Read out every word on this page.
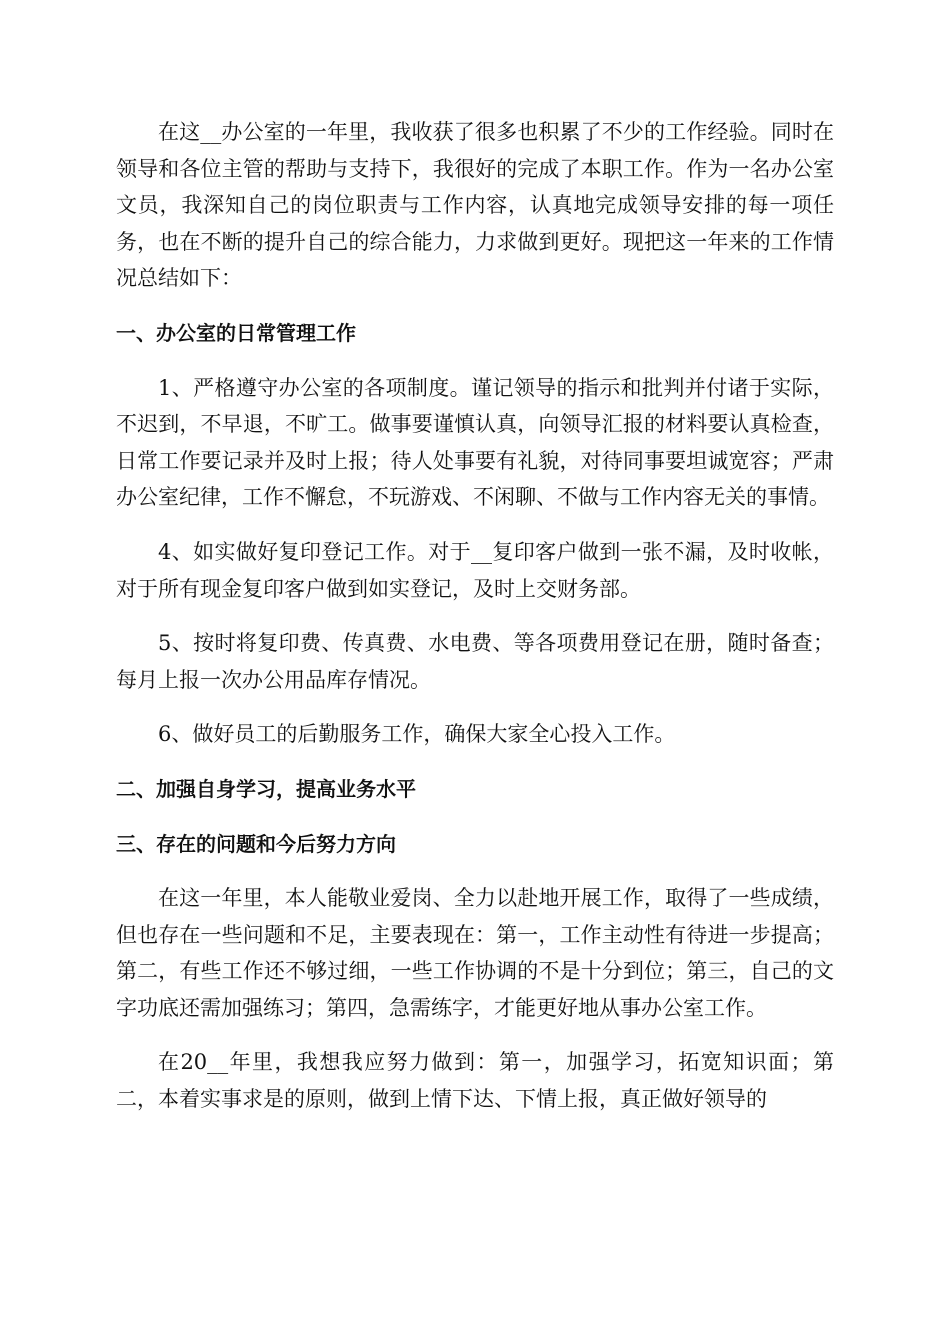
在这__办公室的一年里，我收获了很多也积累了不少的工作经验。同时在领导和各位主管的帮助与支持下，我很好的完成了本职工作。作为一名办公室文员，我深知自己的岗位职责与工作内容，认真地完成领导安排的每一项任务，也在不断的提升自己的综合能力，力求做到更好。现把这一年来的工作情况总结如下：

一、办公室的日常管理工作

1、严格遵守办公室的各项制度。谨记领导的指示和批判并付诸于实际，不迟到，不早退，不旷工。做事要谨慎认真，向领导汇报的材料要认真检查，日常工作要记录并及时上报；待人处事要有礼貌，对待同事要坦诚宽容；严肃办公室纪律，工作不懈怠，不玩游戏、不闲聊、不做与工作内容无关的事情。

4、如实做好复印登记工作。对于__复印客户做到一张不漏，及时收帐，对于所有现金复印客户做到如实登记，及时上交财务部。

5、按时将复印费、传真费、水电费、等各项费用登记在册，随时备查；每月上报一次办公用品库存情况。

6、做好员工的后勤服务工作，确保大家全心投入工作。

二、加强自身学习，提高业务水平
三、存在的问题和今后努力方向

在这一年里，本人能敬业爱岗、全力以赴地开展工作，取得了一些成绩，但也存在一些问题和不足，主要表现在：第一，工作主动性有待进一步提高；第二，有些工作还不够过细，一些工作协调的不是十分到位；第三，自己的文字功底还需加强练习；第四，急需练字，才能更好地从事办公室工作。

在20__年里，我想我应努力做到：第一，加强学习，拓宽知识面；第二，本着实事求是的原则，做到上情下达、下情上报，真正做好领导的
